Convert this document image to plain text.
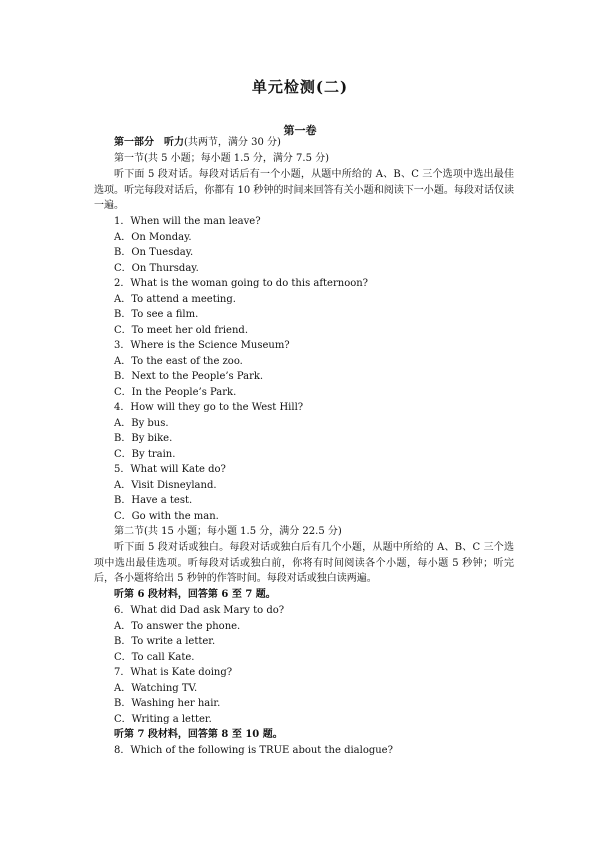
单元检测(二)
第一卷
第一部分　听力(共两节，满分 30 分)
第一节(共 5 小题；每小题 1.5 分，满分 7.5 分)
听下面 5 段对话。每段对话后有一个小题，从题中所给的 A、B、C 三个选项中选出最佳选项。听完每段对话后，你都有 10 秒钟的时间来回答有关小题和阅读下一小题。每段对话仅读一遍。
1．When will the man leave?
A．On Monday.
B．On Tuesday.
C．On Thursday.
2．What is the woman going to do this afternoon?
A．To attend a meeting.
B．To see a film.
C．To meet her old friend.
3．Where is the Science Museum?
A．To the east of the zoo.
B．Next to the People’s Park.
C．In the People’s Park.
4．How will they go to the West Hill?
A．By bus.
B．By bike.
C．By train.
5．What will Kate do?
A．Visit Disneyland.
B．Have a test.
C．Go with the man.
第二节(共 15 小题；每小题 1.5 分，满分 22.5 分)
听下面 5 段对话或独白。每段对话或独白后有几个小题，从题中所给的 A、B、C 三个选项中选出最佳选项。听每段对话或独白前，你将有时间阅读各个小题，每小题 5 秒钟；听完后，各小题将给出 5 秒钟的作答时间。每段对话或独白读两遍。
听第 6 段材料，回答第 6 至 7 题。
6．What did Dad ask Mary to do?
A．To answer the phone.
B．To write a letter.
C．To call Kate.
7．What is Kate doing?
A．Watching TV.
B．Washing her hair.
C．Writing a letter.
听第 7 段材料，回答第 8 至 10 题。
8．Which of the following is TRUE about the dialogue?
